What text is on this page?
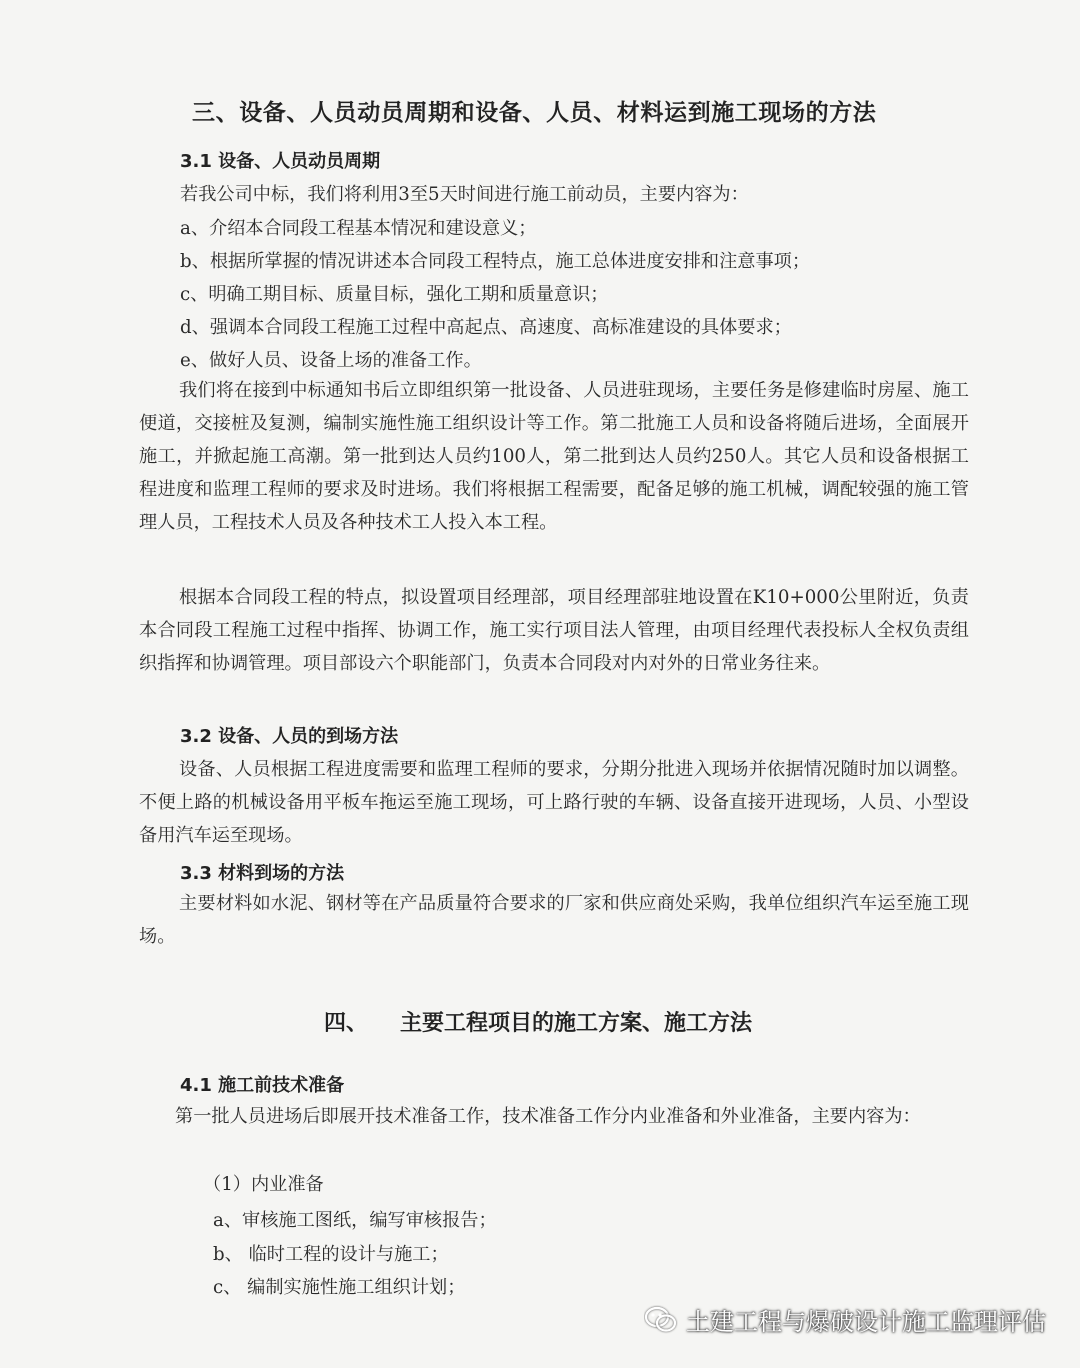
三、设备、人员动员周期和设备、人员、材料运到施工现场的方法
3.1 设备、人员动员周期
若我公司中标，我们将利用3至5天时间进行施工前动员，主要内容为：
a、介绍本合同段工程基本情况和建设意义；
b、根据所掌握的情况讲述本合同段工程特点，施工总体进度安排和注意事项；
c、明确工期目标、质量目标，强化工期和质量意识；
d、强调本合同段工程施工过程中高起点、高速度、高标准建设的具体要求；
e、做好人员、设备上场的准备工作。
我们将在接到中标通知书后立即组织第一批设备、人员进驻现场，主要任务是修建临时房屋、施工便道，交接桩及复测，编制实施性施工组织设计等工作。第二批施工人员和设备将随后进场，全面展开施工，并掀起施工高潮。第一批到达人员约100人，第二批到达人员约250人。其它人员和设备根据工程进度和监理工程师的要求及时进场。我们将根据工程需要，配备足够的施工机械，调配较强的施工管理人员，工程技术人员及各种技术工人投入本工程。
根据本合同段工程的特点，拟设置项目经理部，项目经理部驻地设置在K10+000公里附近，负责本合同段工程施工过程中指挥、协调工作，施工实行项目法人管理，由项目经理代表投标人全权负责组织指挥和协调管理。项目部设六个职能部门，负责本合同段对内对外的日常业务往来。
3.2 设备、人员的到场方法
设备、人员根据工程进度需要和监理工程师的要求，分期分批进入现场并依据情况随时加以调整。不便上路的机械设备用平板车拖运至施工现场，可上路行驶的车辆、设备直接开进现场，人员、小型设备用汽车运至现场。
3.3 材料到场的方法
主要材料如水泥、钢材等在产品质量符合要求的厂家和供应商处采购，我单位组织汽车运至施工现场。
四、 主要工程项目的施工方案、施工方法
4.1 施工前技术准备
第一批人员进场后即展开技术准备工作，技术准备工作分内业准备和外业准备，主要内容为：
（1）内业准备
a、审核施工图纸，编写审核报告；
b、 临时工程的设计与施工；
c、 编制实施性施工组织计划；
土建工程与爆破设计施工监理评估
